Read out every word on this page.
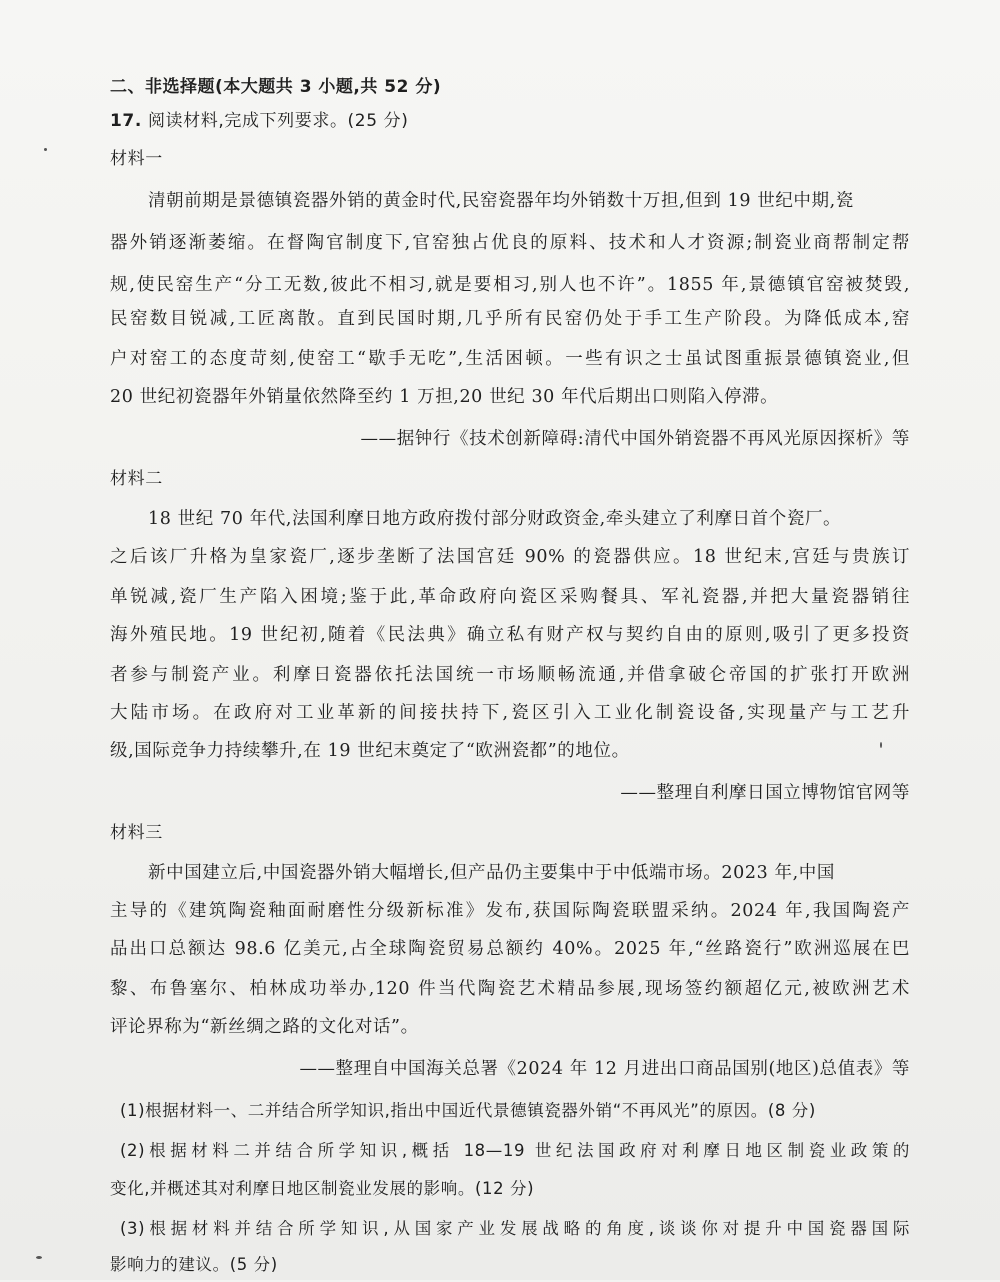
二、非选择题(本大题共 3 小题,共 52 分)
17. 阅读材料,完成下列要求。(25 分)
材料一
清朝前期是景德镇瓷器外销的黄金时代,民窑瓷器年均外销数十万担,但到 19 世纪中期,瓷
器外销逐渐萎缩。在督陶官制度下,官窑独占优良的原料、技术和人才资源;制瓷业商帮制定帮
规,使民窑生产“分工无数,彼此不相习,就是要相习,别人也不许”。1855 年,景德镇官窑被焚毁,
民窑数目锐减,工匠离散。直到民国时期,几乎所有民窑仍处于手工生产阶段。为降低成本,窑
户对窑工的态度苛刻,使窑工“歇手无吃”,生活困顿。一些有识之士虽试图重振景德镇瓷业,但
20 世纪初瓷器年外销量依然降至约 1 万担,20 世纪 30 年代后期出口则陷入停滞。
——据钟行《技术创新障碍:清代中国外销瓷器不再风光原因探析》等
材料二
18 世纪 70 年代,法国利摩日地方政府拨付部分财政资金,牵头建立了利摩日首个瓷厂。
之后该厂升格为皇家瓷厂,逐步垄断了法国宫廷 90% 的瓷器供应。18 世纪末,宫廷与贵族订
单锐减,瓷厂生产陷入困境;鉴于此,革命政府向瓷区采购餐具、军礼瓷器,并把大量瓷器销往
海外殖民地。19 世纪初,随着《民法典》确立私有财产权与契约自由的原则,吸引了更多投资
者参与制瓷产业。利摩日瓷器依托法国统一市场顺畅流通,并借拿破仑帝国的扩张打开欧洲
大陆市场。在政府对工业革新的间接扶持下,瓷区引入工业化制瓷设备,实现量产与工艺升
级,国际竞争力持续攀升,在 19 世纪末奠定了“欧洲瓷都”的地位。
——整理自利摩日国立博物馆官网等
材料三
新中国建立后,中国瓷器外销大幅增长,但产品仍主要集中于中低端市场。2023 年,中国
主导的《建筑陶瓷釉面耐磨性分级新标准》发布,获国际陶瓷联盟采纳。2024 年,我国陶瓷产
品出口总额达 98.6 亿美元,占全球陶瓷贸易总额约 40%。2025 年,“丝路瓷行”欧洲巡展在巴
黎、布鲁塞尔、柏林成功举办,120 件当代陶瓷艺术精品参展,现场签约额超亿元,被欧洲艺术
评论界称为“新丝绸之路的文化对话”。
——整理自中国海关总署《2024 年 12 月进出口商品国别(地区)总值表》等
(1)根据材料一、二并结合所学知识,指出中国近代景德镇瓷器外销“不再风光”的原因。(8 分)
(2)根据材料二并结合所学知识,概括 18—19 世纪法国政府对利摩日地区制瓷业政策的
变化,并概述其对利摩日地区制瓷业发展的影响。(12 分)
(3)根据材料并结合所学知识,从国家产业发展战略的角度,谈谈你对提升中国瓷器国际
影响力的建议。(5 分)
